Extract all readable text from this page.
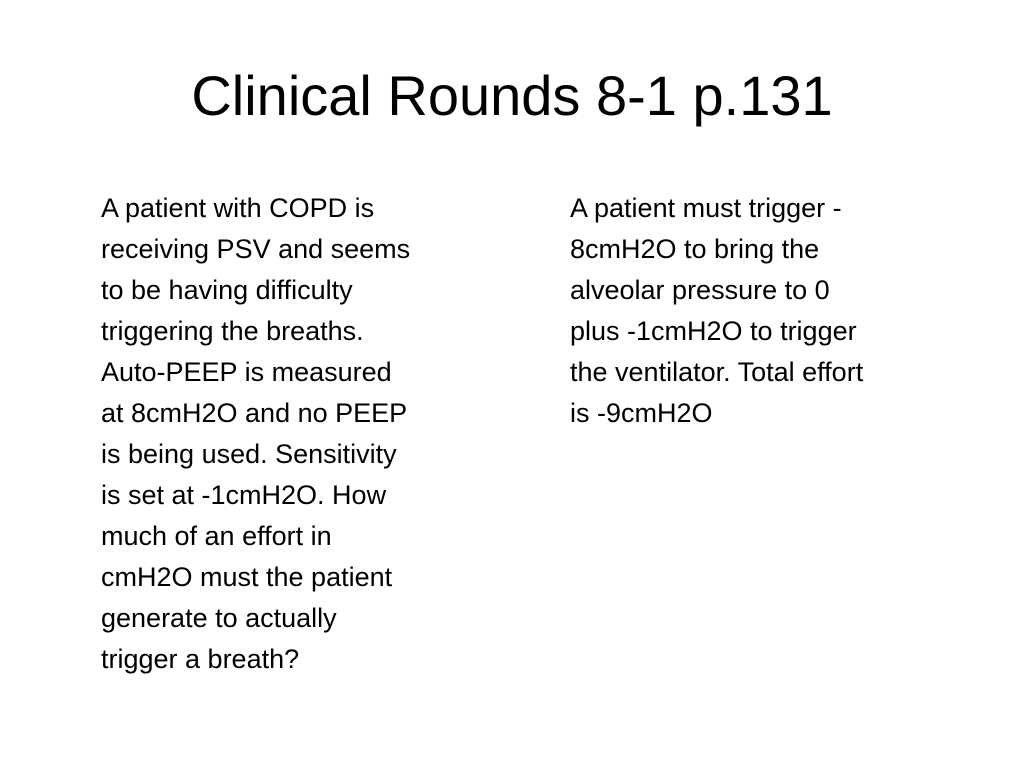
Clinical Rounds 8-1 p.131

A patient with COPD is
receiving PSV and seems
to be having difficulty
triggering the breaths.
Auto-PEEP is measured
at 8cmH2O and no PEEP
is being used. Sensitivity
is set at -1cmH2O. How
much of an effort in
cmH2O must the patient
generate to actually
trigger a breath?

A patient must trigger -
8cmH2O to bring the
alveolar pressure to 0
plus -1cmH2O to trigger
the ventilator. Total effort
is -9cmH2O
